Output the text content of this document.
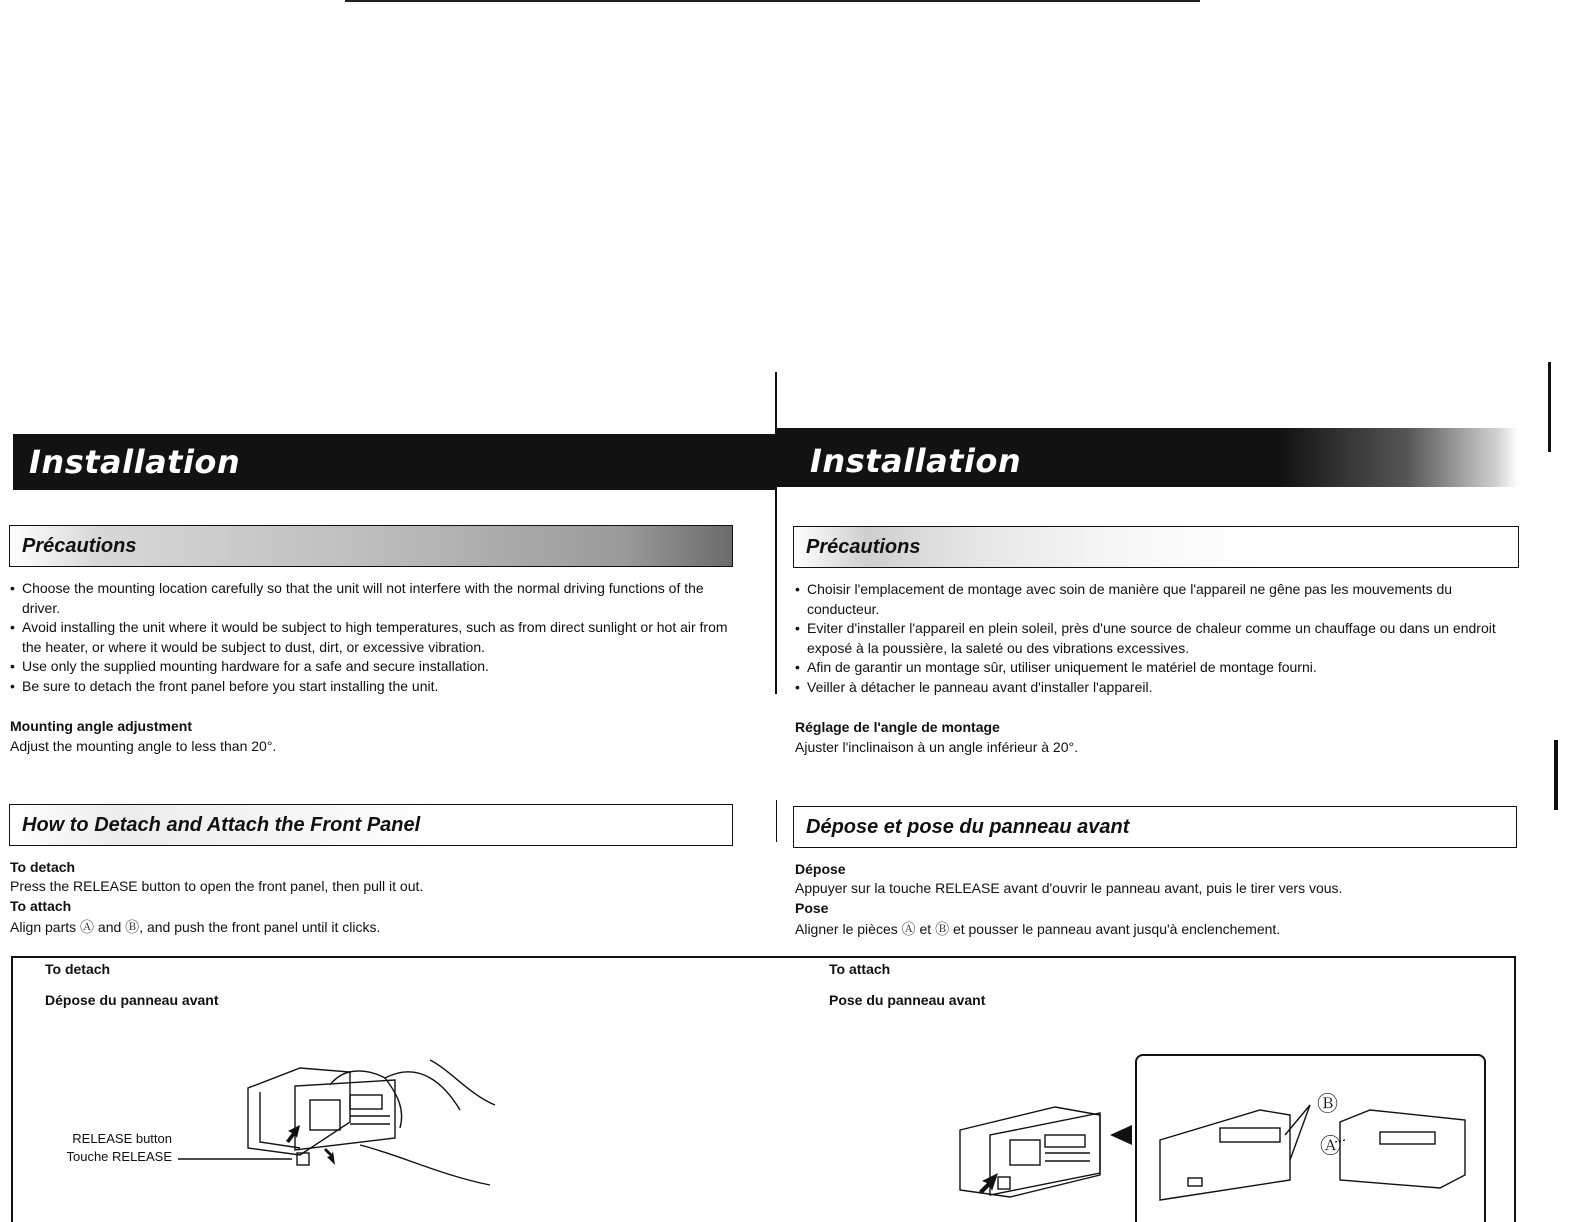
Installation
Précautions
• Choose the mounting location carefully so that the unit will not interfere with the normal driving functions of the driver.
• Avoid installing the unit where it would be subject to high temperatures, such as from direct sunlight or hot air from the heater, or where it would be subject to dust, dirt, or excessive vibration.
• Use only the supplied mounting hardware for a safe and secure installation.
• Be sure to detach the front panel before you start installing the unit.
Mounting angle adjustment
Adjust the mounting angle to less than 20°.
How to Detach and Attach the Front Panel
To detach
Press the RELEASE button to open the front panel, then pull it out.
To attach
Align parts Ⓐ and Ⓑ, and push the front panel until it clicks.
Installation
Précautions
• Choisir l'emplacement de montage avec soin de manière que l'appareil ne gêne pas les mouvements du conducteur.
• Eviter d'installer l'appareil en plein soleil, près d'une source de chaleur comme un chauffage ou dans un endroit exposé à la poussière, la saleté ou des vibrations excessives.
• Afin de garantir un montage sûr, utiliser uniquement le matériel de montage fourni.
• Veiller à détacher le panneau avant d'installer l'appareil.
Réglage de l'angle de montage
Ajuster l'inclinaison à un angle inférieur à 20°.
Dépose et pose du panneau avant
Dépose
Appuyer sur la touche RELEASE avant d'ouvrir le panneau avant, puis le tirer vers vous.
Pose
Aligner le pièces Ⓐ et Ⓑ et pousser le panneau avant jusqu'à enclenchement.
To detach
Dépose du panneau avant
To attach
Pose du panneau avant
RELEASE button
Touche RELEASE
Ⓑ
Ⓐ
